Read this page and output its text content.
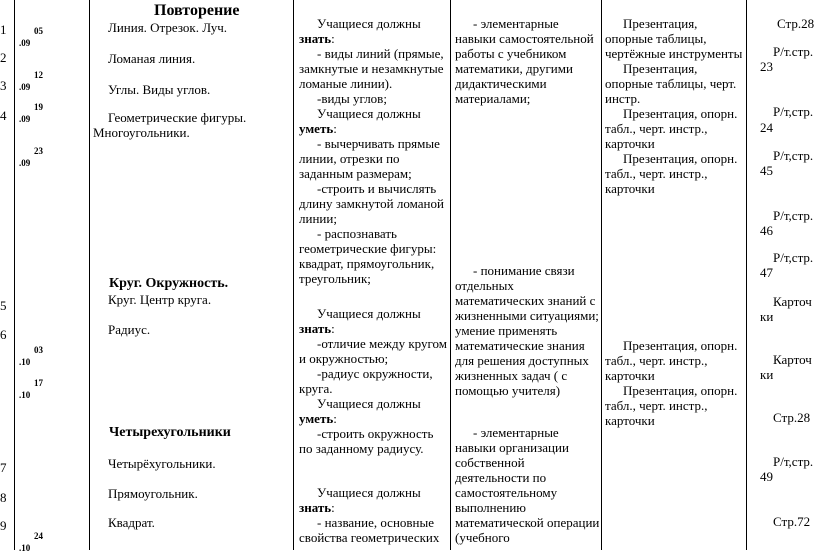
1
2
3
4
5
6
7
8
9
05
.09
12
.09
19
.09
23
.09
03
.10
17
.10
24
.10
Повторение
Линия. Отрезок. Луч.
Ломаная линия.
Углы. Виды углов.
Геометрические фигуры.
Многоугольники.
Круг. Окружность.
Круг. Центр круга.
Радиус.
Четырехугольники
Четырёхугольники.
Прямоугольник.
Квадрат.

Учащиеся должны

знать:

- виды линий (прямые, замкнутые и незамкнутые ломаные линии).

-виды углов;

Учащиеся должны

уметь:

- вычерчивать прямые линии, отрезки по заданным размерам;

-строить и вычислять длину замкнутой ломаной линии;

- распознавать геометрические фигуры: квадрат, прямоугольник, треугольник;

Учащиеся должны

знать:

-отличие между кругом и окружностью;

-радиус окружности, круга.

Учащиеся должны

уметь:

-строить окружность по заданному радиусу.

Учащиеся должны

знать:

- название, основные свойства геометрических

- элементарные навыки самостоятельной работы с учебником математики, другими дидактическими материалами;

- понимание связи отдельных математических знаний с жизненными ситуациями; умение применять математические знания для решения доступных жизненных задач ( с помощью учителя)

- элементарные навыки организации собственной деятельности по самостоятельному выполнению математической операции (учебного

Презентация, опорные таблицы, чертёжные инструменты

Презентация, опорные таблицы, черт. инстр.

Презентация, опорн. табл., черт. инстр., карточки

Презентация, опорн. табл., черт. инстр., карточки

Презентация, опорн. табл., черт. инстр., карточки

Презентация, опорн. табл., черт. инстр., карточки

Стр.28
Р/т.стр.
23
Р/т,стр.
24
Р/т,стр.
45
Р/т,стр.
46
Р/т,стр.
47
Карточ
ки
Карточ
ки
Стр.28
Р/т,стр.
49
Стр.72
